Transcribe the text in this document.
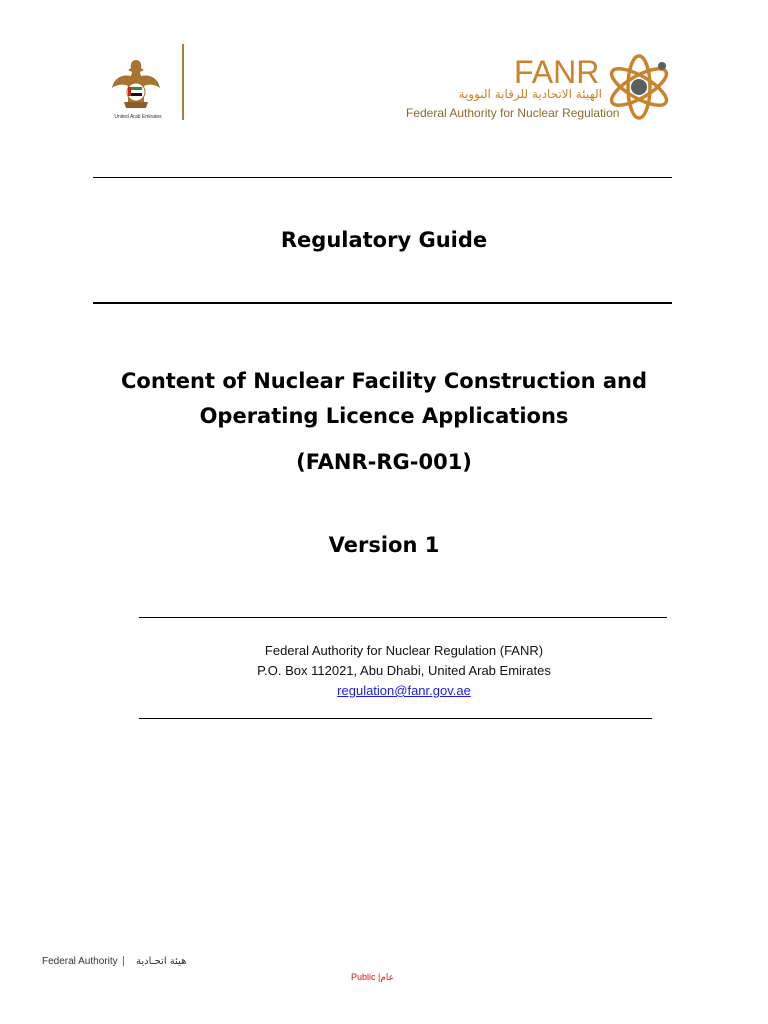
United Arab Emirates
FANR
الهيئة الاتحادية للرقابة النووية
Federal Authority for Nuclear Regulation
Regulatory Guide
Content of Nuclear Facility Construction and
Operating Licence Applications
(FANR-RG-001)
Version 1
Federal Authority for Nuclear Regulation (FANR)
P.O. Box 112021, Abu Dhabi, United Arab Emirates
regulation@fanr.gov.ae
Federal Authority | هيئة اتحـادية
Public |عام
